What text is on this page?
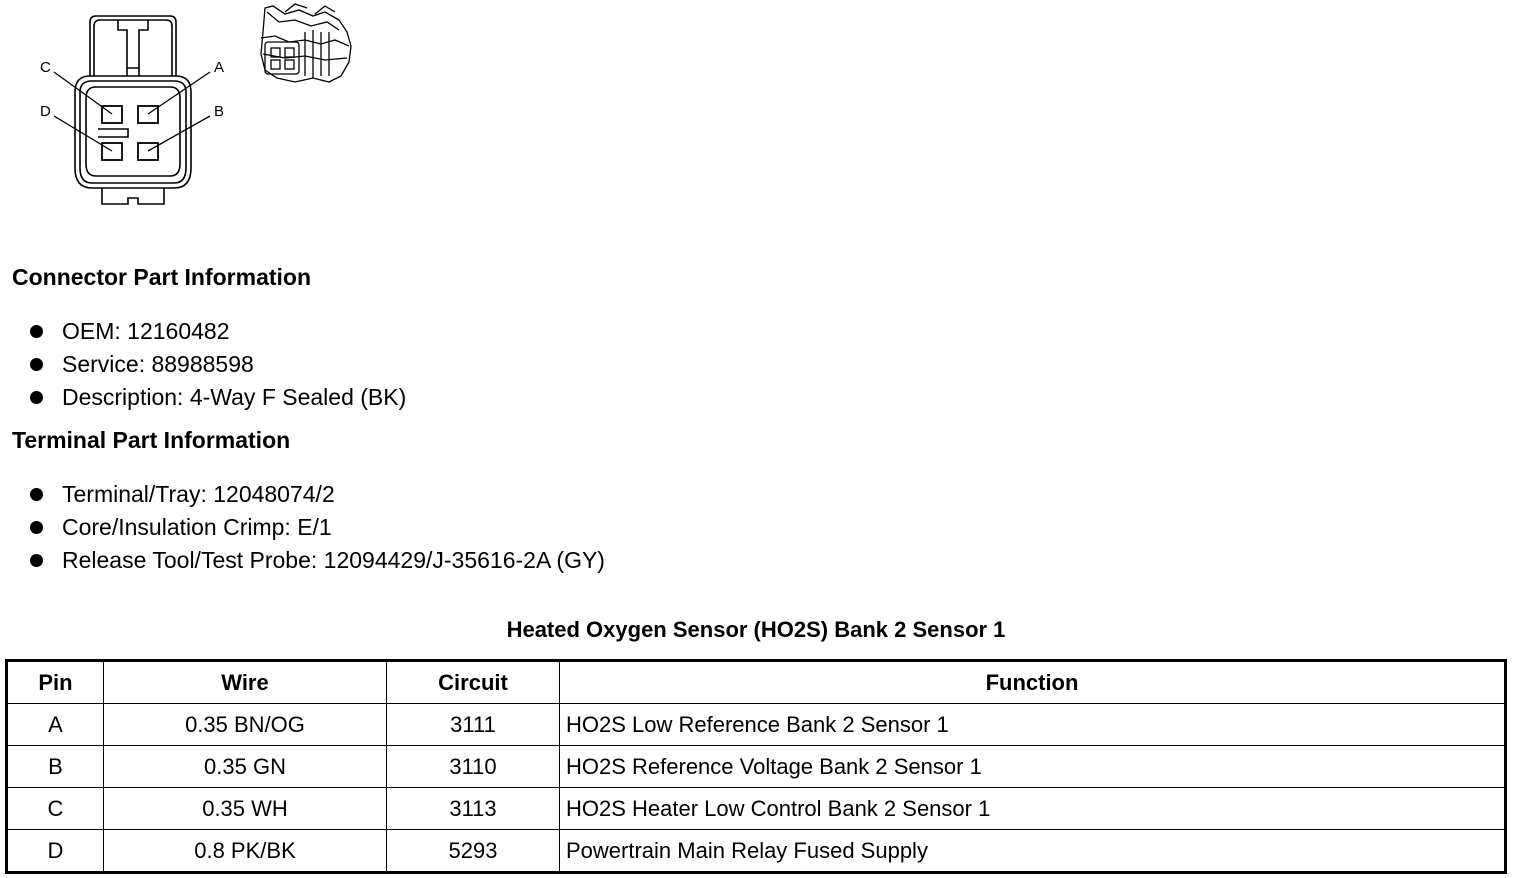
C	A
D	B
Connector Part Information
OEM: 12160482
Service: 88988598
Description: 4-Way F Sealed (BK)
Terminal Part Information
Terminal/Tray: 12048074/2
Core/Insulation Crimp: E/1
Release Tool/Test Probe: 12094429/J-35616-2A (GY)
Heated Oxygen Sensor (HO2S) Bank 2 Sensor 1
Pin	Wire	Circuit	Function
A	0.35 BN/OG	3111	HO2S Low Reference Bank 2 Sensor 1
B	0.35 GN	3110	HO2S Reference Voltage Bank 2 Sensor 1
C	0.35 WH	3113	HO2S Heater Low Control Bank 2 Sensor 1
D	0.8 PK/BK	5293	Powertrain Main Relay Fused Supply
